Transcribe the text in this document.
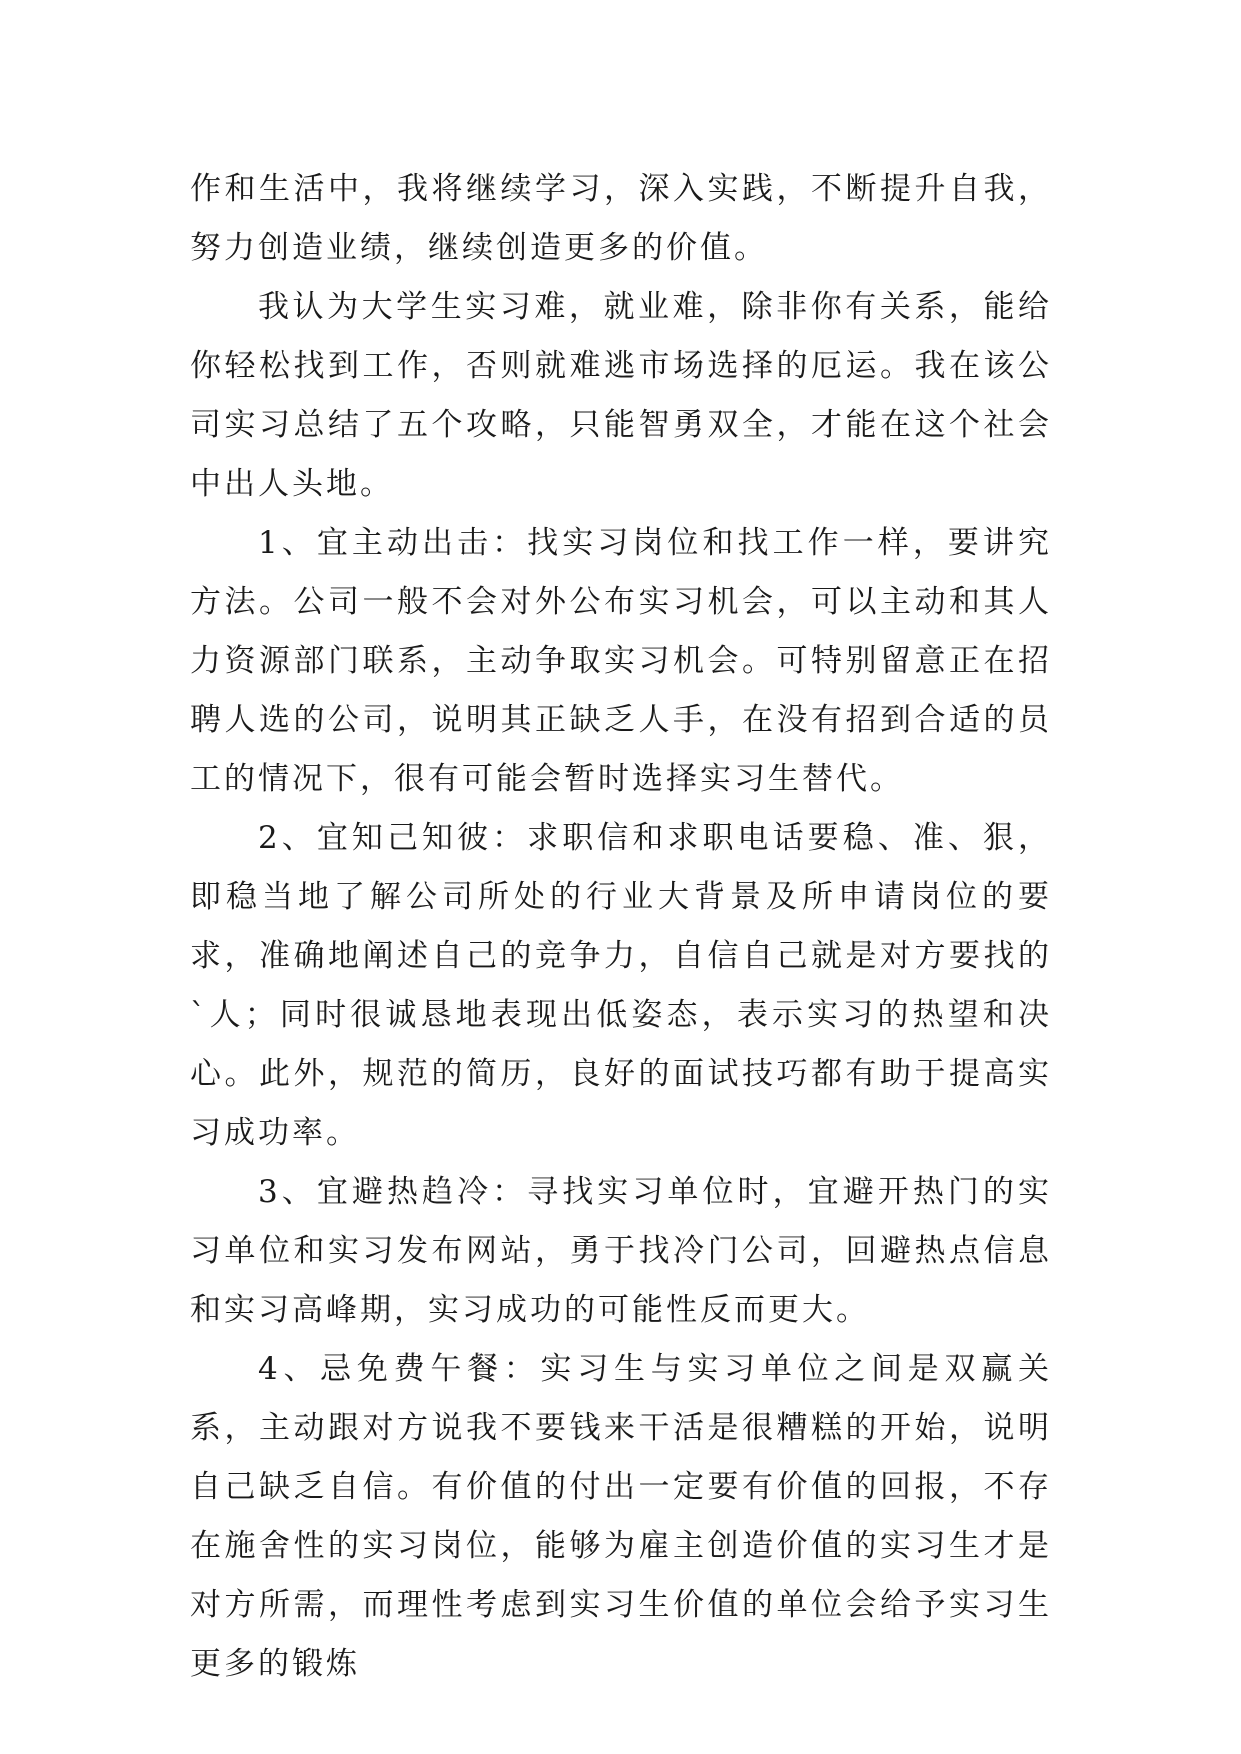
作和生活中，我将继续学习，深入实践，不断提升自我，努力创造业绩，继续创造更多的价值。

我认为大学生实习难，就业难，除非你有关系，能给你轻松找到工作，否则就难逃市场选择的厄运。我在该公司实习总结了五个攻略，只能智勇双全，才能在这个社会中出人头地。

1、宜主动出击：找实习岗位和找工作一样，要讲究方法。公司一般不会对外公布实习机会，可以主动和其人力资源部门联系，主动争取实习机会。可特别留意正在招聘人选的公司，说明其正缺乏人手，在没有招到合适的员工的情况下，很有可能会暂时选择实习生替代。

2、宜知己知彼：求职信和求职电话要稳、准、狠，即稳当地了解公司所处的行业大背景及所申请岗位的要求，准确地阐述自己的竞争力，自信自己就是对方要找的`人；同时很诚恳地表现出低姿态，表示实习的热望和决心。此外，规范的简历，良好的面试技巧都有助于提高实习成功率。

3、宜避热趋冷：寻找实习单位时，宜避开热门的实习单位和实习发布网站，勇于找冷门公司，回避热点信息和实习高峰期，实习成功的可能性反而更大。

4、忌免费午餐：实习生与实习单位之间是双赢关系，主动跟对方说我不要钱来干活是很糟糕的开始，说明自己缺乏自信。有价值的付出一定要有价值的回报，不存在施舍性的实习岗位，能够为雇主创造价值的实习生才是对方所需，而理性考虑到实习生价值的单位会给予实习生更多的锻炼
